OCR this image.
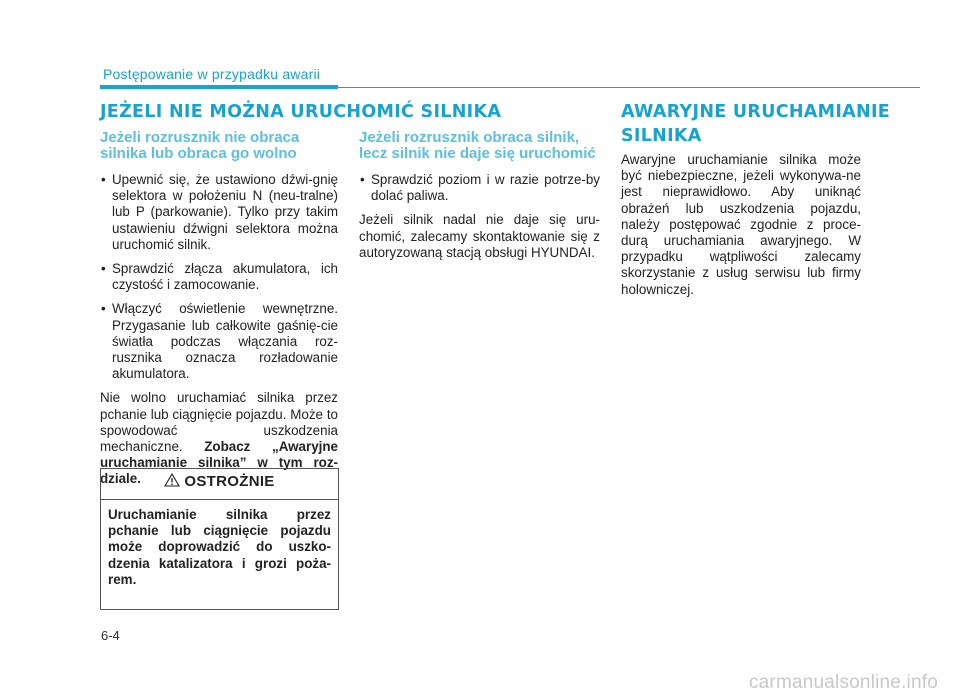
Postępowanie w przypadku awarii
JEŻELI NIE MOŻNA URUCHOMIĆ SILNIKA
Jeżeli rozrusznik nie obraca silnika lub obraca go wolno
• Upewnić się, że ustawiono dźwi-gnię selektora w położeniu N (neu-tralne) lub P (parkowanie). Tylko przy takim ustawieniu dźwigni selektora można uruchomić silnik.
• Sprawdzić złącza akumulatora, ich czystość i zamocowanie.
• Włączyć oświetlenie wewnętrzne. Przygasanie lub całkowite gaśnię-cie światła podczas włączania roz-rusznika oznacza rozładowanie akumulatora.

Nie wolno uruchamiać silnika przez pchanie lub ciągnięcie pojazdu. Może to spowodować uszkodzenia mechaniczne. Zobacz „Awaryjne uruchamianie silnika” w tym roz-dziale.	OSTROŻNIE
Uruchamianie silnika przez pchanie lub ciągnięcie pojazdu może doprowadzić do uszko-dzenia katalizatora i grozi poża-rem.
Jeżeli rozrusznik obraca silnik, lecz silnik nie daje się uruchomić
• Sprawdzić poziom i w razie potrze-by dolać paliwa.

Jeżeli silnik nadal nie daje się uru-chomić, zalecamy skontaktowanie się z autoryzowaną stacją obsługi HYUNDAI.

AWARYJNE URUCHAMIANIE
SILNIKA

Awaryjne uruchamianie silnika może być niebezpieczne, jeżeli wykonywa-ne jest nieprawidłowo. Aby uniknąć obrażeń lub uszkodzenia pojazdu, należy postępować zgodnie z proce-durą uruchamiania awaryjnego. W przypadku wątpliwości zalecamy skorzystanie z usług serwisu lub firmy holowniczej.

6-4
carmanualsonline.info
